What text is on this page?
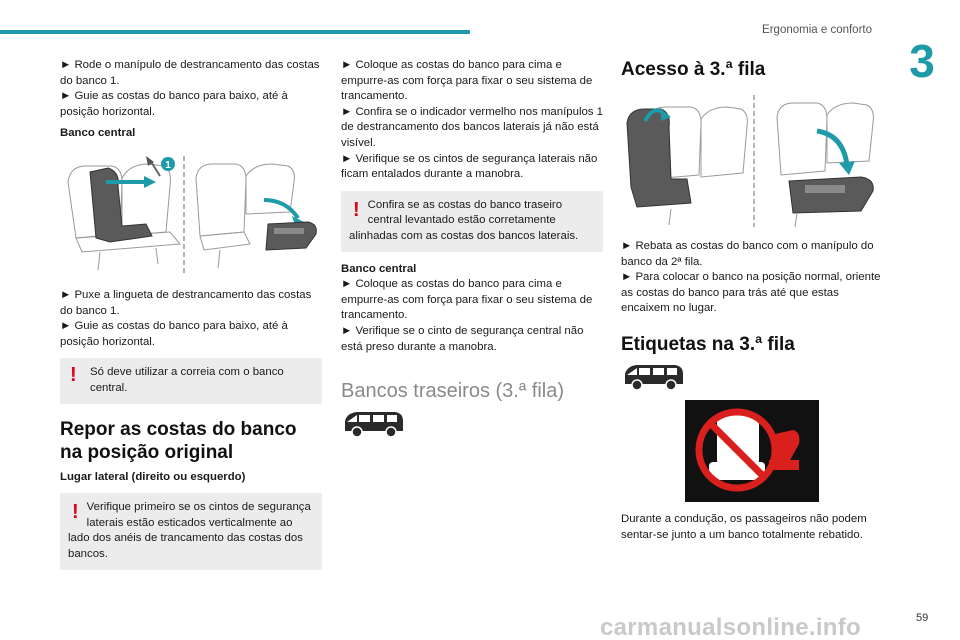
Ergonomia e conforto
3

► Rode o manípulo de destrancamento das costas do banco 1.

► Guie as costas do banco para baixo, até à posição horizontal.

Banco central

1

► Puxe a lingueta de destrancamento das costas do banco 1.

► Guie as costas do banco para baixo, até à posição horizontal.

! Só deve utilizar a correia com o banco central.

Repor as costas do banco na posição original

Lugar lateral (direito ou esquerdo)

! Verifique primeiro se os cintos de segurança laterais estão esticados verticalmente ao lado dos anéis de trancamento das costas dos bancos.

► Coloque as costas do banco para cima e empurre-as com força para fixar o seu sistema de trancamento.

► Confira se o indicador vermelho nos manípulos 1 de destrancamento dos bancos laterais já não está visível.

► Verifique se os cintos de segurança laterais não ficam entalados durante a manobra.

! Confira se as costas do banco traseiro central levantado estão corretamente alinhadas com as costas dos bancos laterais.

Banco central

► Coloque as costas do banco para cima e empurre-as com força para fixar o seu sistema de trancamento.

► Verifique se o cinto de segurança central não está preso durante a manobra.

Bancos traseiros (3.ª fila)

Acesso à 3.ª fila

► Rebata as costas do banco com o manípulo do banco da 2ª fila.

► Para colocar o banco na posição normal, oriente as costas do banco para trás até que estas encaixem no lugar.

Etiquetas na 3.ª fila

Durante a condução, os passageiros não podem sentar-se junto a um banco totalmente rebatido.

carmanualsonline.info	59
